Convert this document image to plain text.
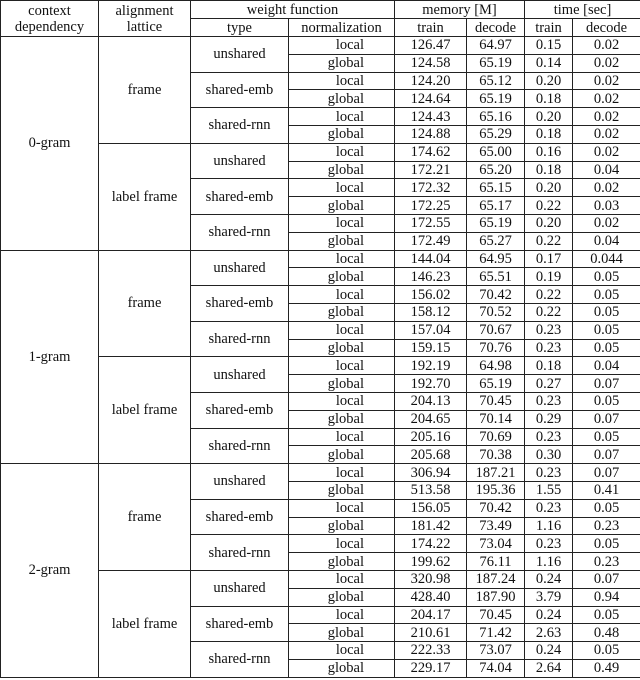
context dependency	alignment lattice	weight function		memory [M]		time [sec]	
		type	normalization	train	decode	train	decode
0-gram	frame	unshared	local	126.47	64.97	0.15	0.02
			global	124.58	65.19	0.14	0.02
		shared-emb	local	124.20	65.12	0.20	0.02
			global	124.64	65.19	0.18	0.02
		shared-rnn	local	124.43	65.16	0.20	0.02
			global	124.88	65.29	0.18	0.02
	label frame	unshared	local	174.62	65.00	0.16	0.02
			global	172.21	65.20	0.18	0.04
		shared-emb	local	172.32	65.15	0.20	0.02
			global	172.25	65.17	0.22	0.03
		shared-rnn	local	172.55	65.19	0.20	0.02
			global	172.49	65.27	0.22	0.04
1-gram	frame	unshared	local	144.04	64.95	0.17	0.044
			global	146.23	65.51	0.19	0.05
		shared-emb	local	156.02	70.42	0.22	0.05
			global	158.12	70.52	0.22	0.05
		shared-rnn	local	157.04	70.67	0.23	0.05
			global	159.15	70.76	0.23	0.05
	label frame	unshared	local	192.19	64.98	0.18	0.04
			global	192.70	65.19	0.27	0.07
		shared-emb	local	204.13	70.45	0.23	0.05
			global	204.65	70.14	0.29	0.07
		shared-rnn	local	205.16	70.69	0.23	0.05
			global	205.68	70.38	0.30	0.07
2-gram	frame	unshared	local	306.94	187.21	0.23	0.07
			global	513.58	195.36	1.55	0.41
		shared-emb	local	156.05	70.42	0.23	0.05
			global	181.42	73.49	1.16	0.23
		shared-rnn	local	174.22	73.04	0.23	0.05
			global	199.62	76.11	1.16	0.23
	label frame	unshared	local	320.98	187.24	0.24	0.07
			global	428.40	187.90	3.79	0.94
		shared-emb	local	204.17	70.45	0.24	0.05
			global	210.61	71.42	2.63	0.48
		shared-rnn	local	222.33	73.07	0.24	0.05
			global	229.17	74.04	2.64	0.49
